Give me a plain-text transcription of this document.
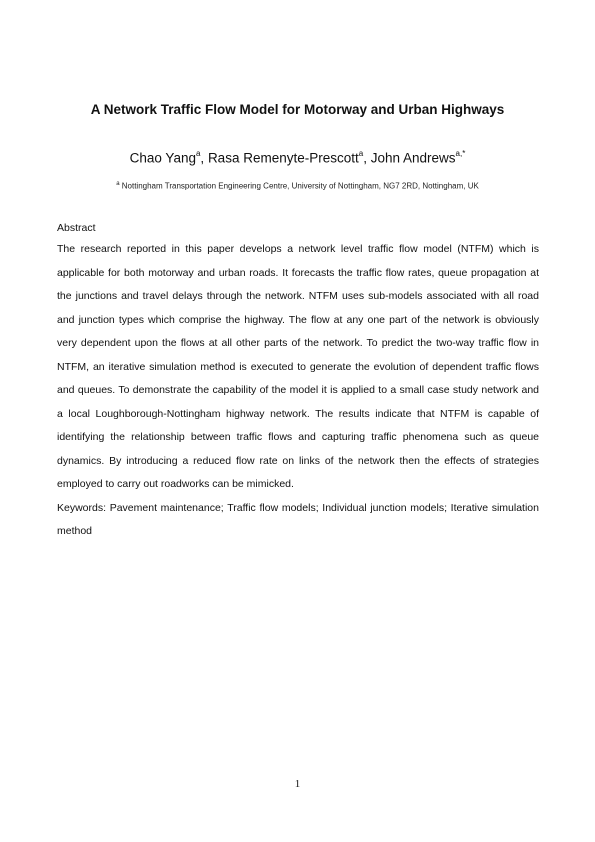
A Network Traffic Flow Model for Motorway and Urban Highways
Chao Yang$^a$, Rasa Remenyte-Prescott$^a$, John Andrews$^{a,*}$
$^a$ Nottingham Transportation Engineering Centre, University of Nottingham, NG7 2RD, Nottingham, UK
Abstract

The research reported in this paper develops a network level traffic flow model (NTFM) which is applicable for both motorway and urban roads. It forecasts the traffic flow rates, queue propagation at the junctions and travel delays through the network. NTFM uses sub-models associated with all road and junction types which comprise the highway. The flow at any one part of the network is obviously very dependent upon the flows at all other parts of the network. To predict the two-way traffic flow in NTFM, an iterative simulation method is executed to generate the evolution of dependent traffic flows and queues. To demonstrate the capability of the model it is applied to a small case study network and a local Loughborough-Nottingham highway network. The results indicate that NTFM is capable of identifying the relationship between traffic flows and capturing traffic phenomena such as queue dynamics. By introducing a reduced flow rate on links of the network then the effects of strategies employed to carry out roadworks can be mimicked.

Keywords: Pavement maintenance; Traffic flow models; Individual junction models; Iterative simulation method

1
